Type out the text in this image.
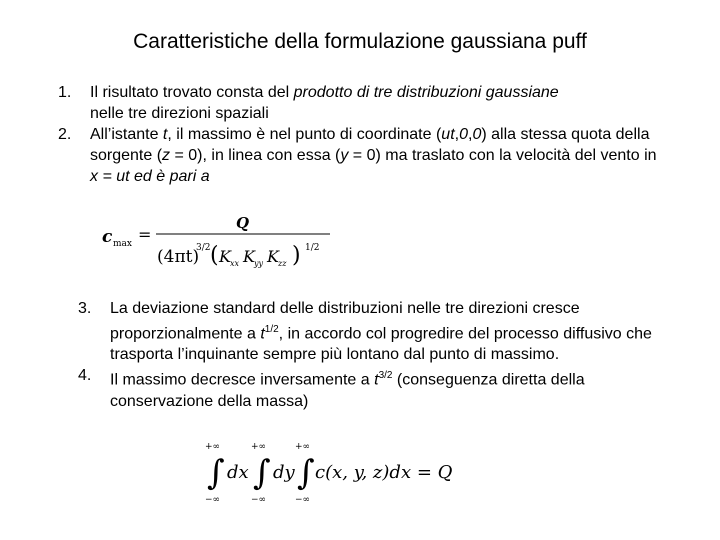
Caratteristiche della formulazione gaussiana puff
1. Il risultato trovato consta del prodotto di tre distribuzioni gaussiane
nelle tre direzioni spaziali
2. All’istante t, il massimo è nel punto di coordinate (ut,0,0) alla stessa quota della sorgente (z = 0), in linea con essa (y = 0) ma traslato con la velocità del vento in x = ut ed è pari a
c max =
Q
(4πt)
3/2 ( K xx K yy K zz ) 1/2
3. La deviazione standard delle distribuzioni nelle tre direzioni cresce proporzionalmente a $t^{1/2}$, in accordo col progredire del processo diffusivo che trasporta l’inquinante sempre più lontano dal punto di massimo.
4. Il massimo decresce inversamente a $t^{3/2}$ (conseguenza diretta della conservazione della massa)
+∞
−∞
∫ dx
+∞
−∞
∫ dy
+∞
−∞
∫ c(x, y, z)dx = Q
